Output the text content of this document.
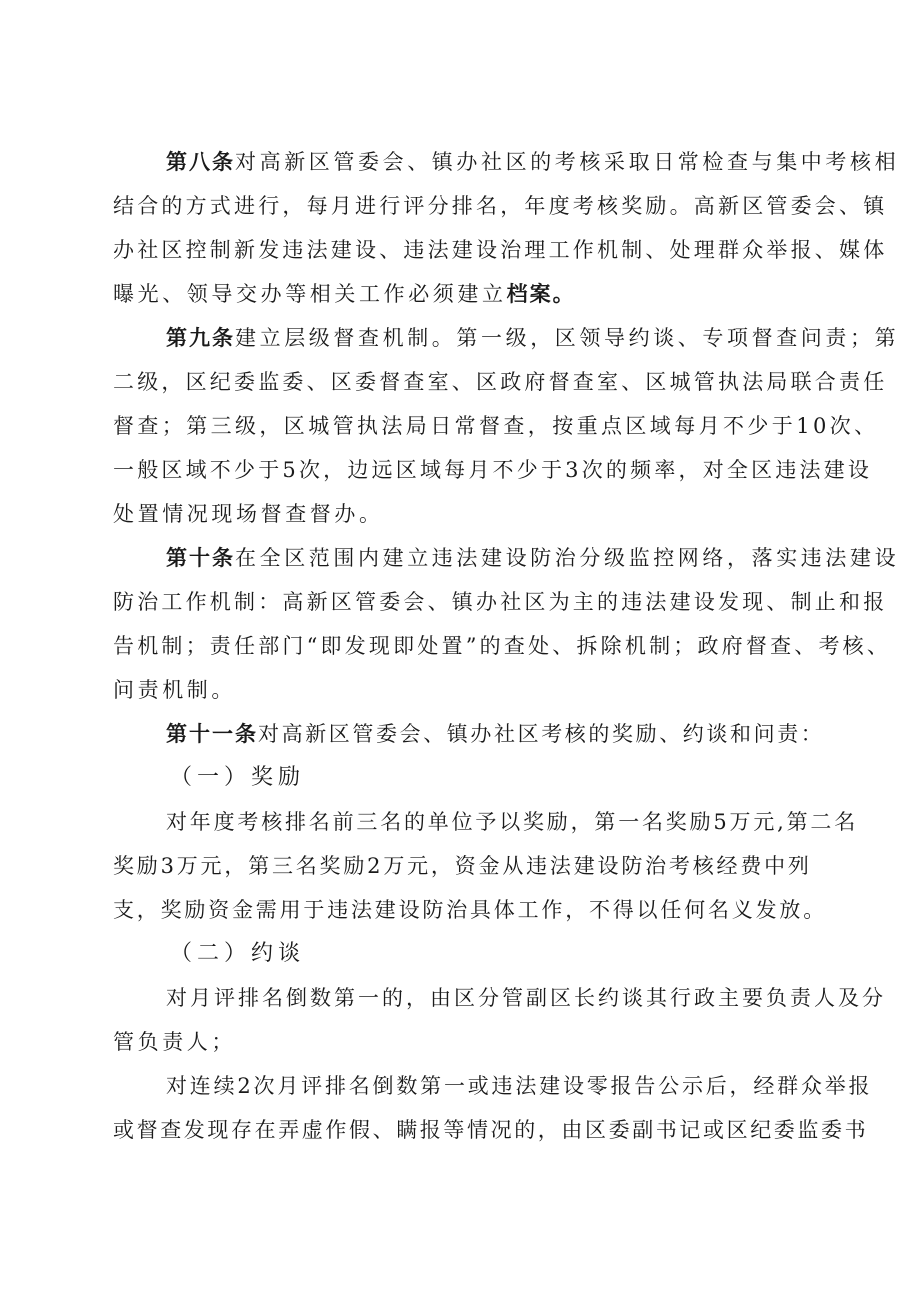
第八条对高新区管委会、镇办社区的考核采取日常检查与集中考核相
结合的方式进行，每月进行评分排名，年度考核奖励。高新区管委会、镇
办社区控制新发违法建设、违法建设治理工作机制、处理群众举报、媒体
曝光、领导交办等相关工作必须建立档案。
第九条建立层级督查机制。第一级，区领导约谈、专项督查问责；第
二级，区纪委监委、区委督查室、区政府督查室、区城管执法局联合责任
督查；第三级，区城管执法局日常督查，按重点区域每月不少于10次、
一般区域不少于5次，边远区域每月不少于3次的频率，对全区违法建设
处置情况现场督查督办。
第十条在全区范围内建立违法建设防治分级监控网络，落实违法建设
防治工作机制：高新区管委会、镇办社区为主的违法建设发现、制止和报
告机制；责任部门“即发现即处置”的查处、拆除机制；政府督查、考核、
问责机制。
第十一条对高新区管委会、镇办社区考核的奖励、约谈和问责：
（一）奖励
对年度考核排名前三名的单位予以奖励，第一名奖励5万元,第二名
奖励3万元，第三名奖励2万元，资金从违法建设防治考核经费中列
支，奖励资金需用于违法建设防治具体工作，不得以任何名义发放。
（二）约谈
对月评排名倒数第一的，由区分管副区长约谈其行政主要负责人及分
管负责人；
对连续2次月评排名倒数第一或违法建设零报告公示后，经群众举报
或督查发现存在弄虚作假、瞒报等情况的，由区委副书记或区纪委监委书
